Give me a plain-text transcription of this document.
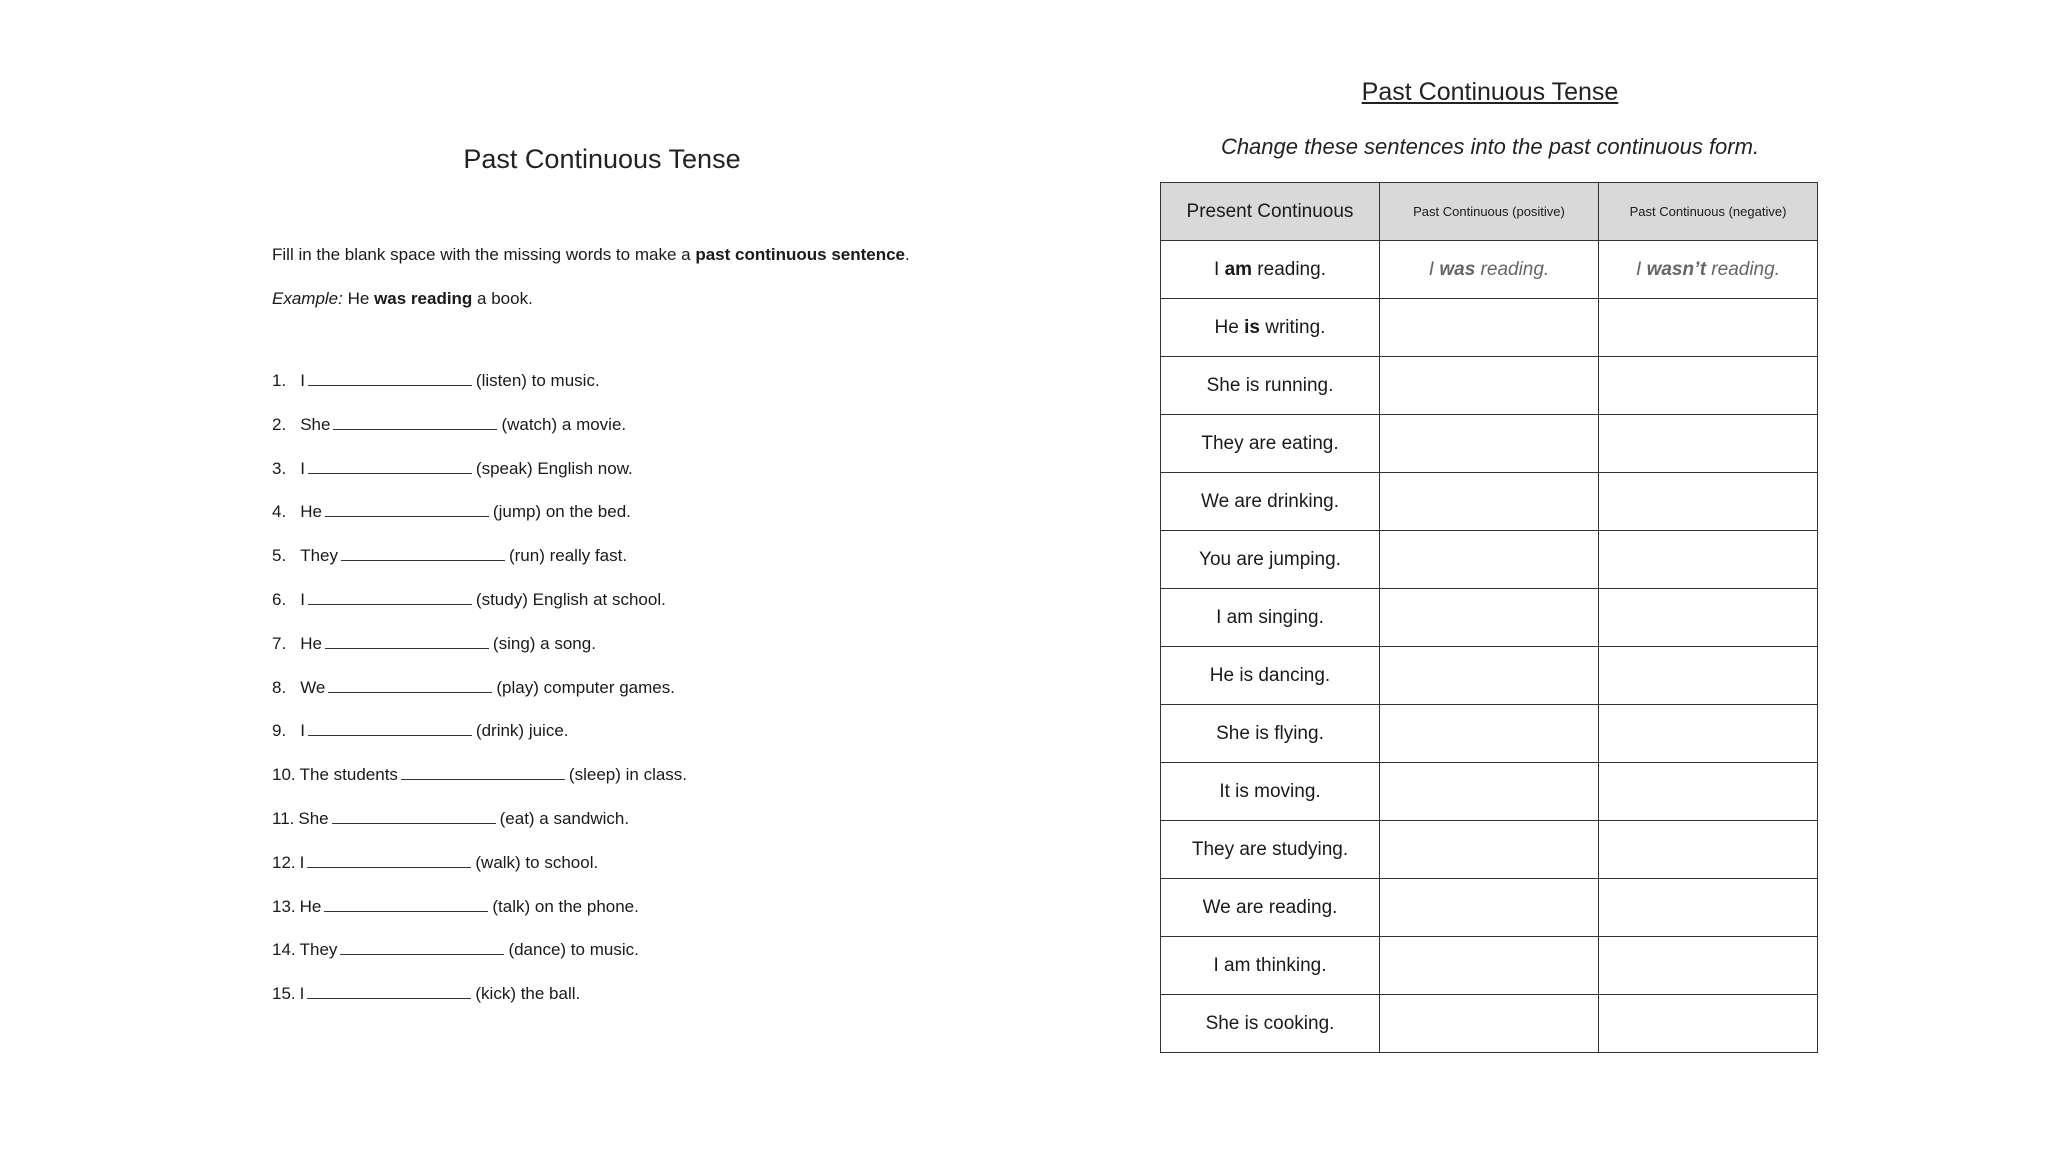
Past Continuous Tense
Fill in the blank space with the missing words to make a past continuous sentence.
Example: He was reading a book.
1. I	(listen) to music.
2. She	(watch) a movie.
3. I	(speak) English now.
4. He	(jump) on the bed.
5. They	(run) really fast.
6. I	(study) English at school.
7. He	(sing) a song.
8. We	(play) computer games.
9. I	(drink) juice.
10. The students	(sleep) in class.
11. She	(eat) a sandwich.
12. I	(walk) to school.
13. He	(talk) on the phone.
14. They	(dance) to music.
15. I	(kick) the ball.
Past Continuous Tense
Change these sentences into the past continuous form.
Present Continuous	Past Continuous (positive)	Past Continuous (negative)
I am reading.	I was reading.	I wasn’t reading.
He is writing.		
She is running.		
They are eating.		
We are drinking.		
You are jumping.		
I am singing.		
He is dancing.		
She is flying.		
It is moving.		
They are studying.		
We are reading.		
I am thinking.		
She is cooking.		
